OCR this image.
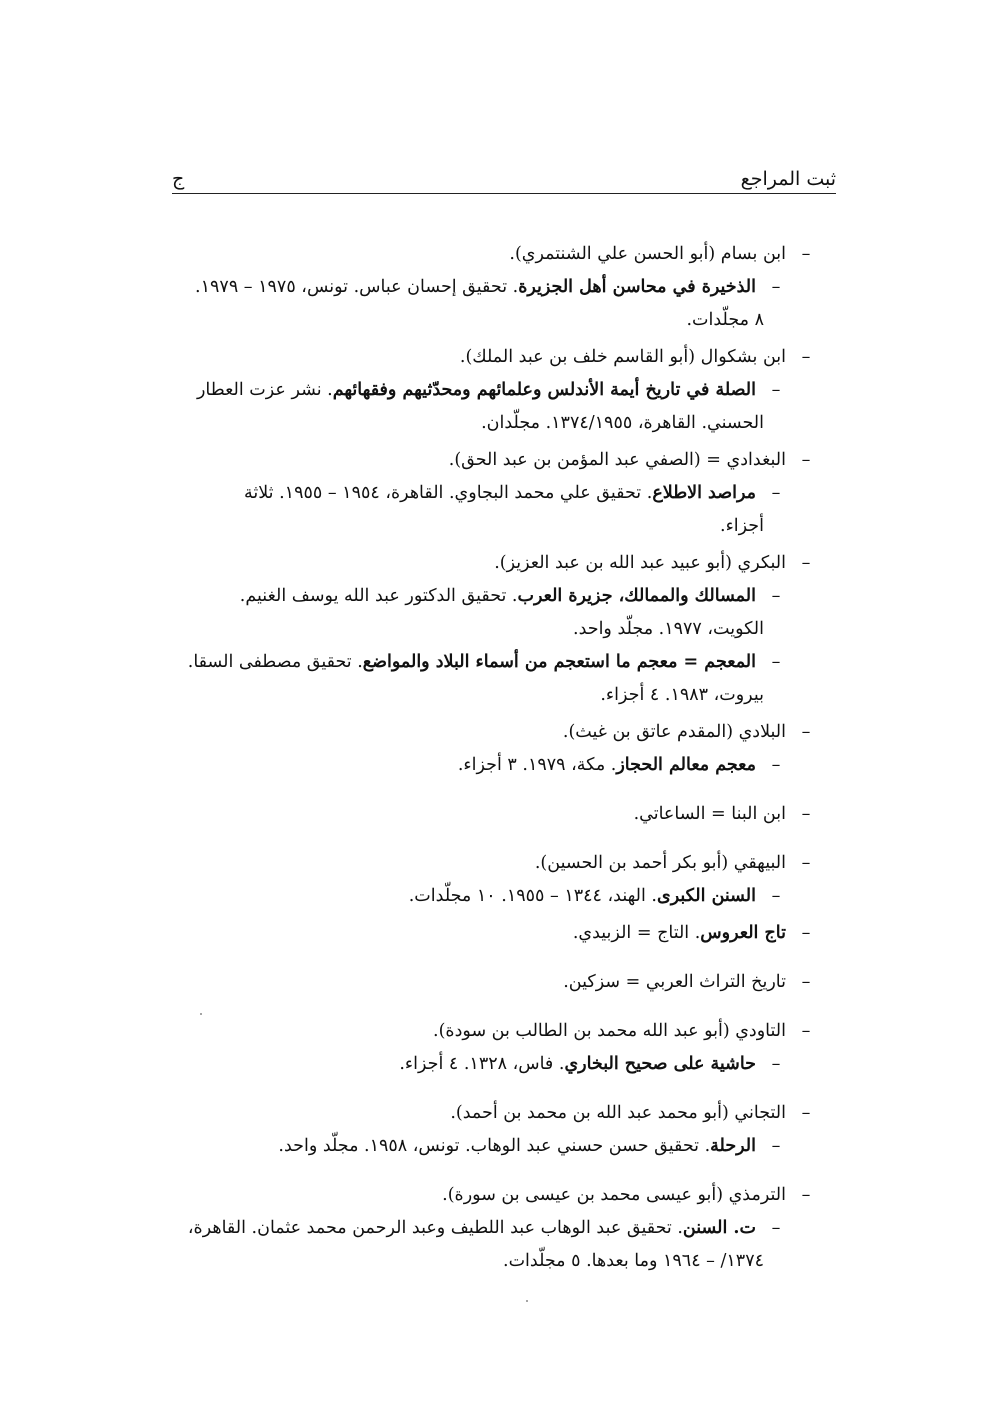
ثبت المراجع
ج
–ابن بسام (أبو الحسن علي الشنتمري).
–الذخيرة في محاسن أهل الجزيرة. تحقيق إحسان عباس. تونس، ١٩٧٥ – ١٩٧٩.
٨ مجلّدات.
–ابن بشكوال (أبو القاسم خلف بن عبد الملك).
–الصلة في تاريخ أيمة الأندلس وعلمائهم ومحدّثيهم وفقهائهم. نشر عزت العطار
الحسني. القاهرة، ١٣٧٤/١٩٥٥. مجلّدان.
–البغدادي = (الصفي عبد المؤمن بن عبد الحق).
–مراصد الاطلاع. تحقيق علي محمد البجاوي. القاهرة، ١٩٥٤ – ١٩٥٥. ثلاثة
أجزاء.
–البكري (أبو عبيد عبد الله بن عبد العزيز).
–المسالك والممالك، جزيرة العرب. تحقيق الدكتور عبد الله يوسف الغنيم.
الكويت، ١٩٧٧. مجلّد واحد.
–المعجم = معجم ما استعجم من أسماء البلاد والمواضع. تحقيق مصطفى السقا.
بيروت، ١٩٨٣. ٤ أجزاء.
–البلادي (المقدم عاتق بن غيث).
–معجم معالم الحجاز. مكة، ١٩٧٩. ٣ أجزاء.
–ابن البنا = الساعاتي.
–البيهقي (أبو بكر أحمد بن الحسين).
–السنن الكبرى. الهند، ١٣٤٤ – ١٩٥٥. ١٠ مجلّدات.
–تاج العروس. التاج = الزبيدي.
–تاريخ التراث العربي = سزكين.
–التاودي (أبو عبد الله محمد بن الطالب بن سودة).
–حاشية على صحيح البخاري. فاس، ١٣٢٨. ٤ أجزاء.
–التجاني (أبو محمد عبد الله بن محمد بن أحمد).
–الرحلة. تحقيق حسن حسني عبد الوهاب. تونس، ١٩٥٨. مجلّد واحد.
–الترمذي (أبو عيسى محمد بن عيسى بن سورة).
–ت. السنن. تحقيق عبد الوهاب عبد اللطيف وعبد الرحمن محمد عثمان. القاهرة،
١٣٧٤/ – ١٩٦٤ وما بعدها. ٥ مجلّدات.
